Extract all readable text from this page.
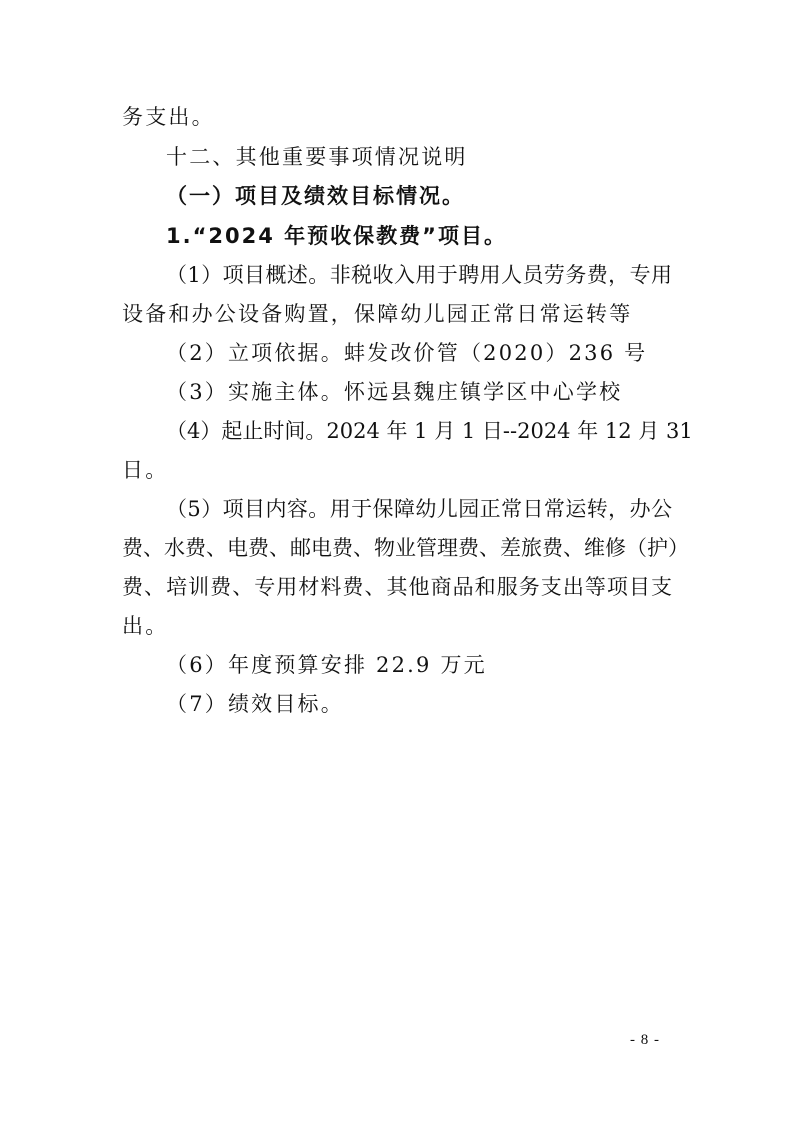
务支出。
十二、其他重要事项情况说明
（一）项目及绩效目标情况。
1.“2024 年预收保教费”项目。
（1）项目概述。非税收入用于聘用人员劳务费，专用
设备和办公设备购置，保障幼儿园正常日常运转等
（2）立项依据。蚌发改价管（2020）236 号
（3）实施主体。怀远县魏庄镇学区中心学校
（4）起止时间。2024 年 1 月 1 日--2024 年 12 月 31
日。
（5）项目内容。用于保障幼儿园正常日常运转，办公
费、水费、电费、邮电费、物业管理费、差旅费、维修（护）
费、培训费、专用材料费、其他商品和服务支出等项目支
出。
（6）年度预算安排 22.9 万元
（7）绩效目标。
- 8 -
